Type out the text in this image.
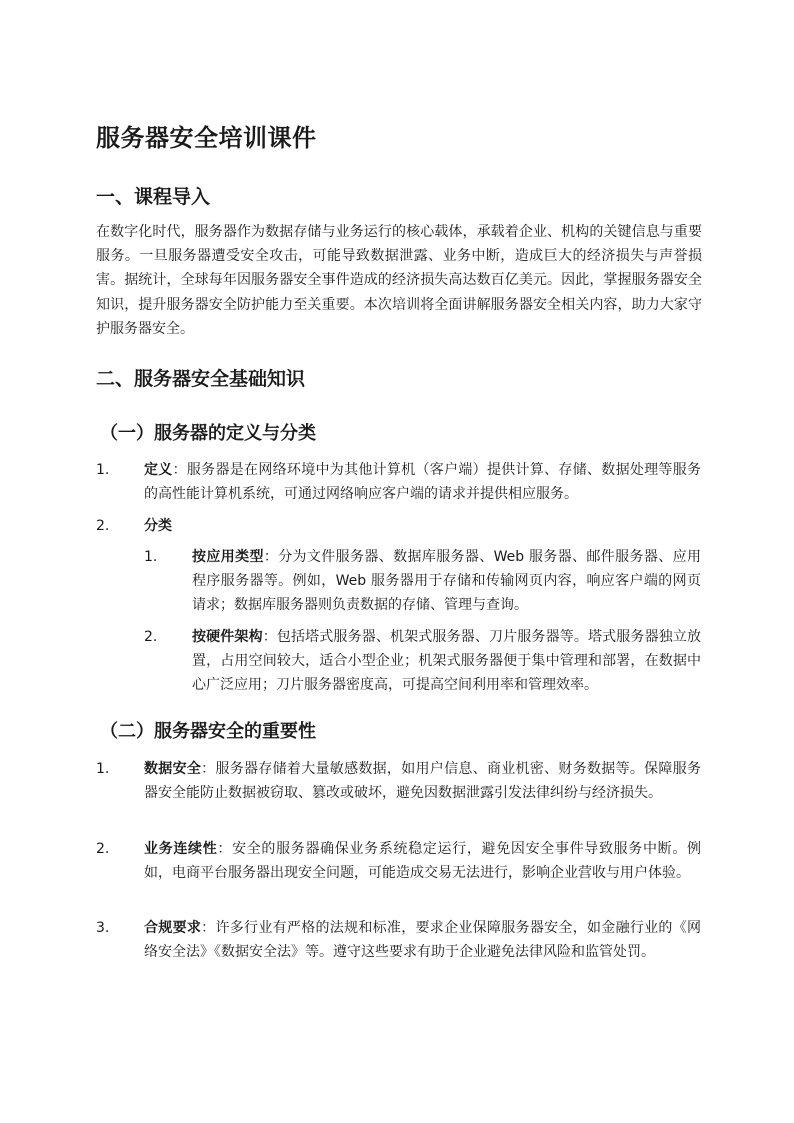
服务器安全培训课件
一、课程导入

在数字化时代，服务器作为数据存储与业务运行的核心载体，承载着企业、机构的关键信息与重要服务。一旦服务器遭受安全攻击，可能导致数据泄露、业务中断，造成巨大的经济损失与声誉损害。据统计，全球每年因服务器安全事件造成的经济损失高达数百亿美元。因此，掌握服务器安全知识，提升服务器安全防护能力至关重要。本次培训将全面讲解服务器安全相关内容，助力大家守护服务器安全。

二、服务器安全基础知识
（一）服务器的定义与分类
1. 定义：服务器是在网络环境中为其他计算机（客户端）提供计算、存储、数据处理等服务的高性能计算机系统，可通过网络响应客户端的请求并提供相应服务。

2. 分类

1. 按应用类型：分为文件服务器、数据库服务器、Web 服务器、邮件服务器、应用程序服务器等。例如，Web 服务器用于存储和传输网页内容，响应客户端的网页请求；数据库服务器则负责数据的存储、管理与查询。

2. 按硬件架构：包括塔式服务器、机架式服务器、刀片服务器等。塔式服务器独立放置，占用空间较大，适合小型企业；机架式服务器便于集中管理和部署，在数据中心广泛应用；刀片服务器密度高，可提高空间利用率和管理效率。

（二）服务器安全的重要性
1. 数据安全：服务器存储着大量敏感数据，如用户信息、商业机密、财务数据等。保障服务器安全能防止数据被窃取、篡改或破坏，避免因数据泄露引发法律纠纷与经济损失。

2. 业务连续性：安全的服务器确保业务系统稳定运行，避免因安全事件导致服务中断。例如，电商平台服务器出现安全问题，可能造成交易无法进行，影响企业营收与用户体验。

3. 合规要求：许多行业有严格的法规和标准，要求企业保障服务器安全，如金融行业的《网络安全法》《数据安全法》等。遵守这些要求有助于企业避免法律风险和监管处罚。
